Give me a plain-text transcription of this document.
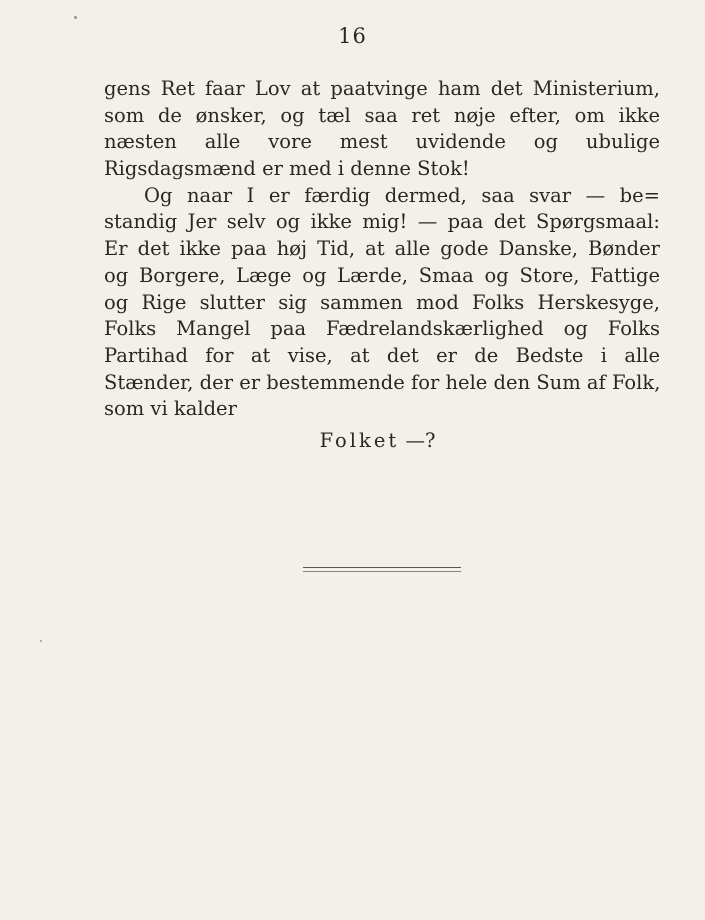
16
gens Ret faar Lov at paatvinge ham det Ministerium,
som de ønsker, og tæl saa ret nøje efter, om ikke
næsten alle vore mest uvidende og ubulige
Rigsdagsmænd er med i denne Stok!
Og naar I er færdig dermed, saa svar — be=
standig Jer selv og ikke mig! — paa det Spørgsmaal:
Er det ikke paa høj Tid, at alle gode Danske, Bønder
og Borgere, Læge og Lærde, Smaa og Store, Fattige
og Rige slutter sig sammen mod Folks Herskesyge,
Folks Mangel paa Fædrelandskærlighed og Folks
Partihad for at vise, at det er de Bedste i alle
Stænder, der er bestemmende for hele den Sum af Folk,
som vi kalder
Folket —?
